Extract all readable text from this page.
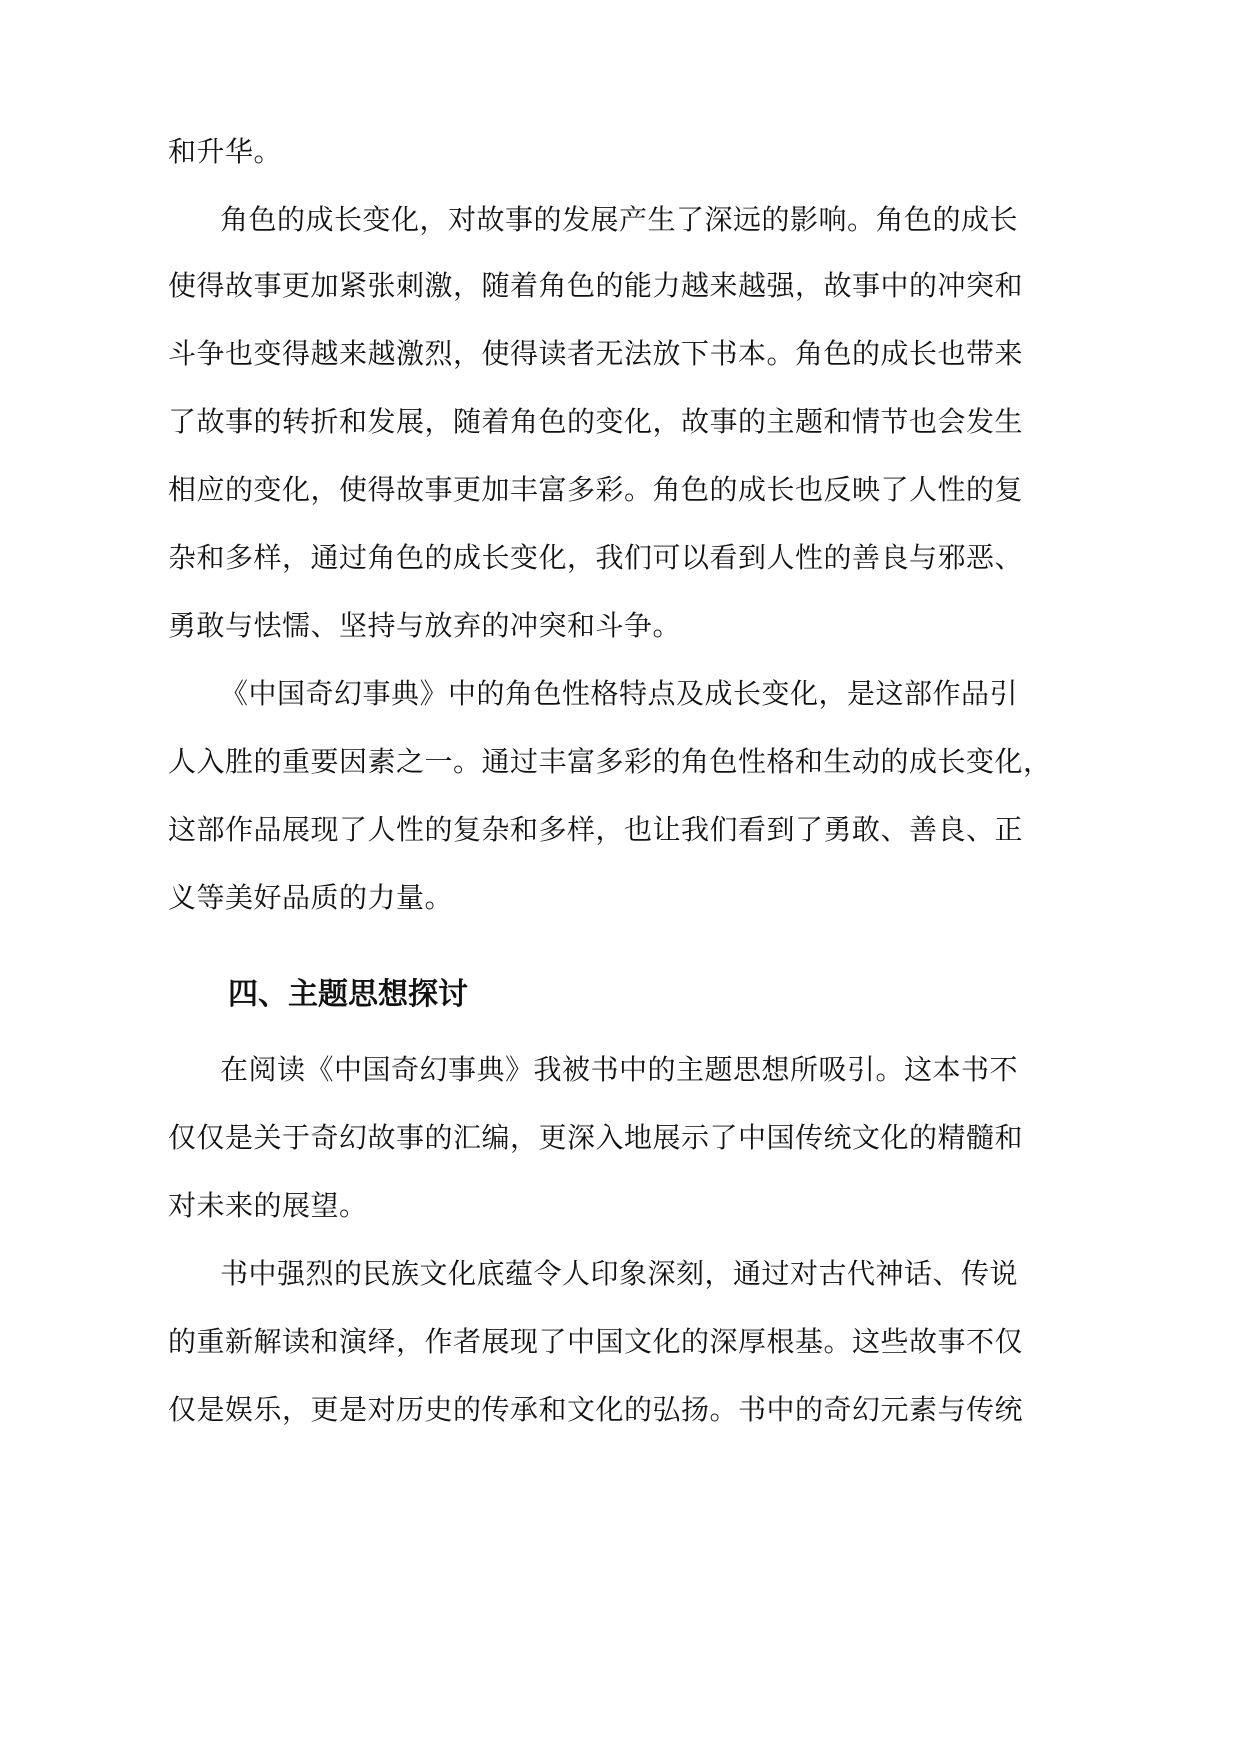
和升华。
角色的成长变化，对故事的发展产生了深远的影响。角色的成长
使得故事更加紧张刺激，随着角色的能力越来越强，故事中的冲突和
斗争也变得越来越激烈，使得读者无法放下书本。角色的成长也带来
了故事的转折和发展，随着角色的变化，故事的主题和情节也会发生
相应的变化，使得故事更加丰富多彩。角色的成长也反映了人性的复
杂和多样，通过角色的成长变化，我们可以看到人性的善良与邪恶、
勇敢与怯懦、坚持与放弃的冲突和斗争。
《中国奇幻事典》中的角色性格特点及成长变化，是这部作品引
人入胜的重要因素之一。通过丰富多彩的角色性格和生动的成长变化，
这部作品展现了人性的复杂和多样，也让我们看到了勇敢、善良、正
义等美好品质的力量。
四、主题思想探讨
在阅读《中国奇幻事典》我被书中的主题思想所吸引。这本书不
仅仅是关于奇幻故事的汇编，更深入地展示了中国传统文化的精髓和
对未来的展望。
书中强烈的民族文化底蕴令人印象深刻，通过对古代神话、传说
的重新解读和演绎，作者展现了中国文化的深厚根基。这些故事不仅
仅是娱乐，更是对历史的传承和文化的弘扬。书中的奇幻元素与传统
